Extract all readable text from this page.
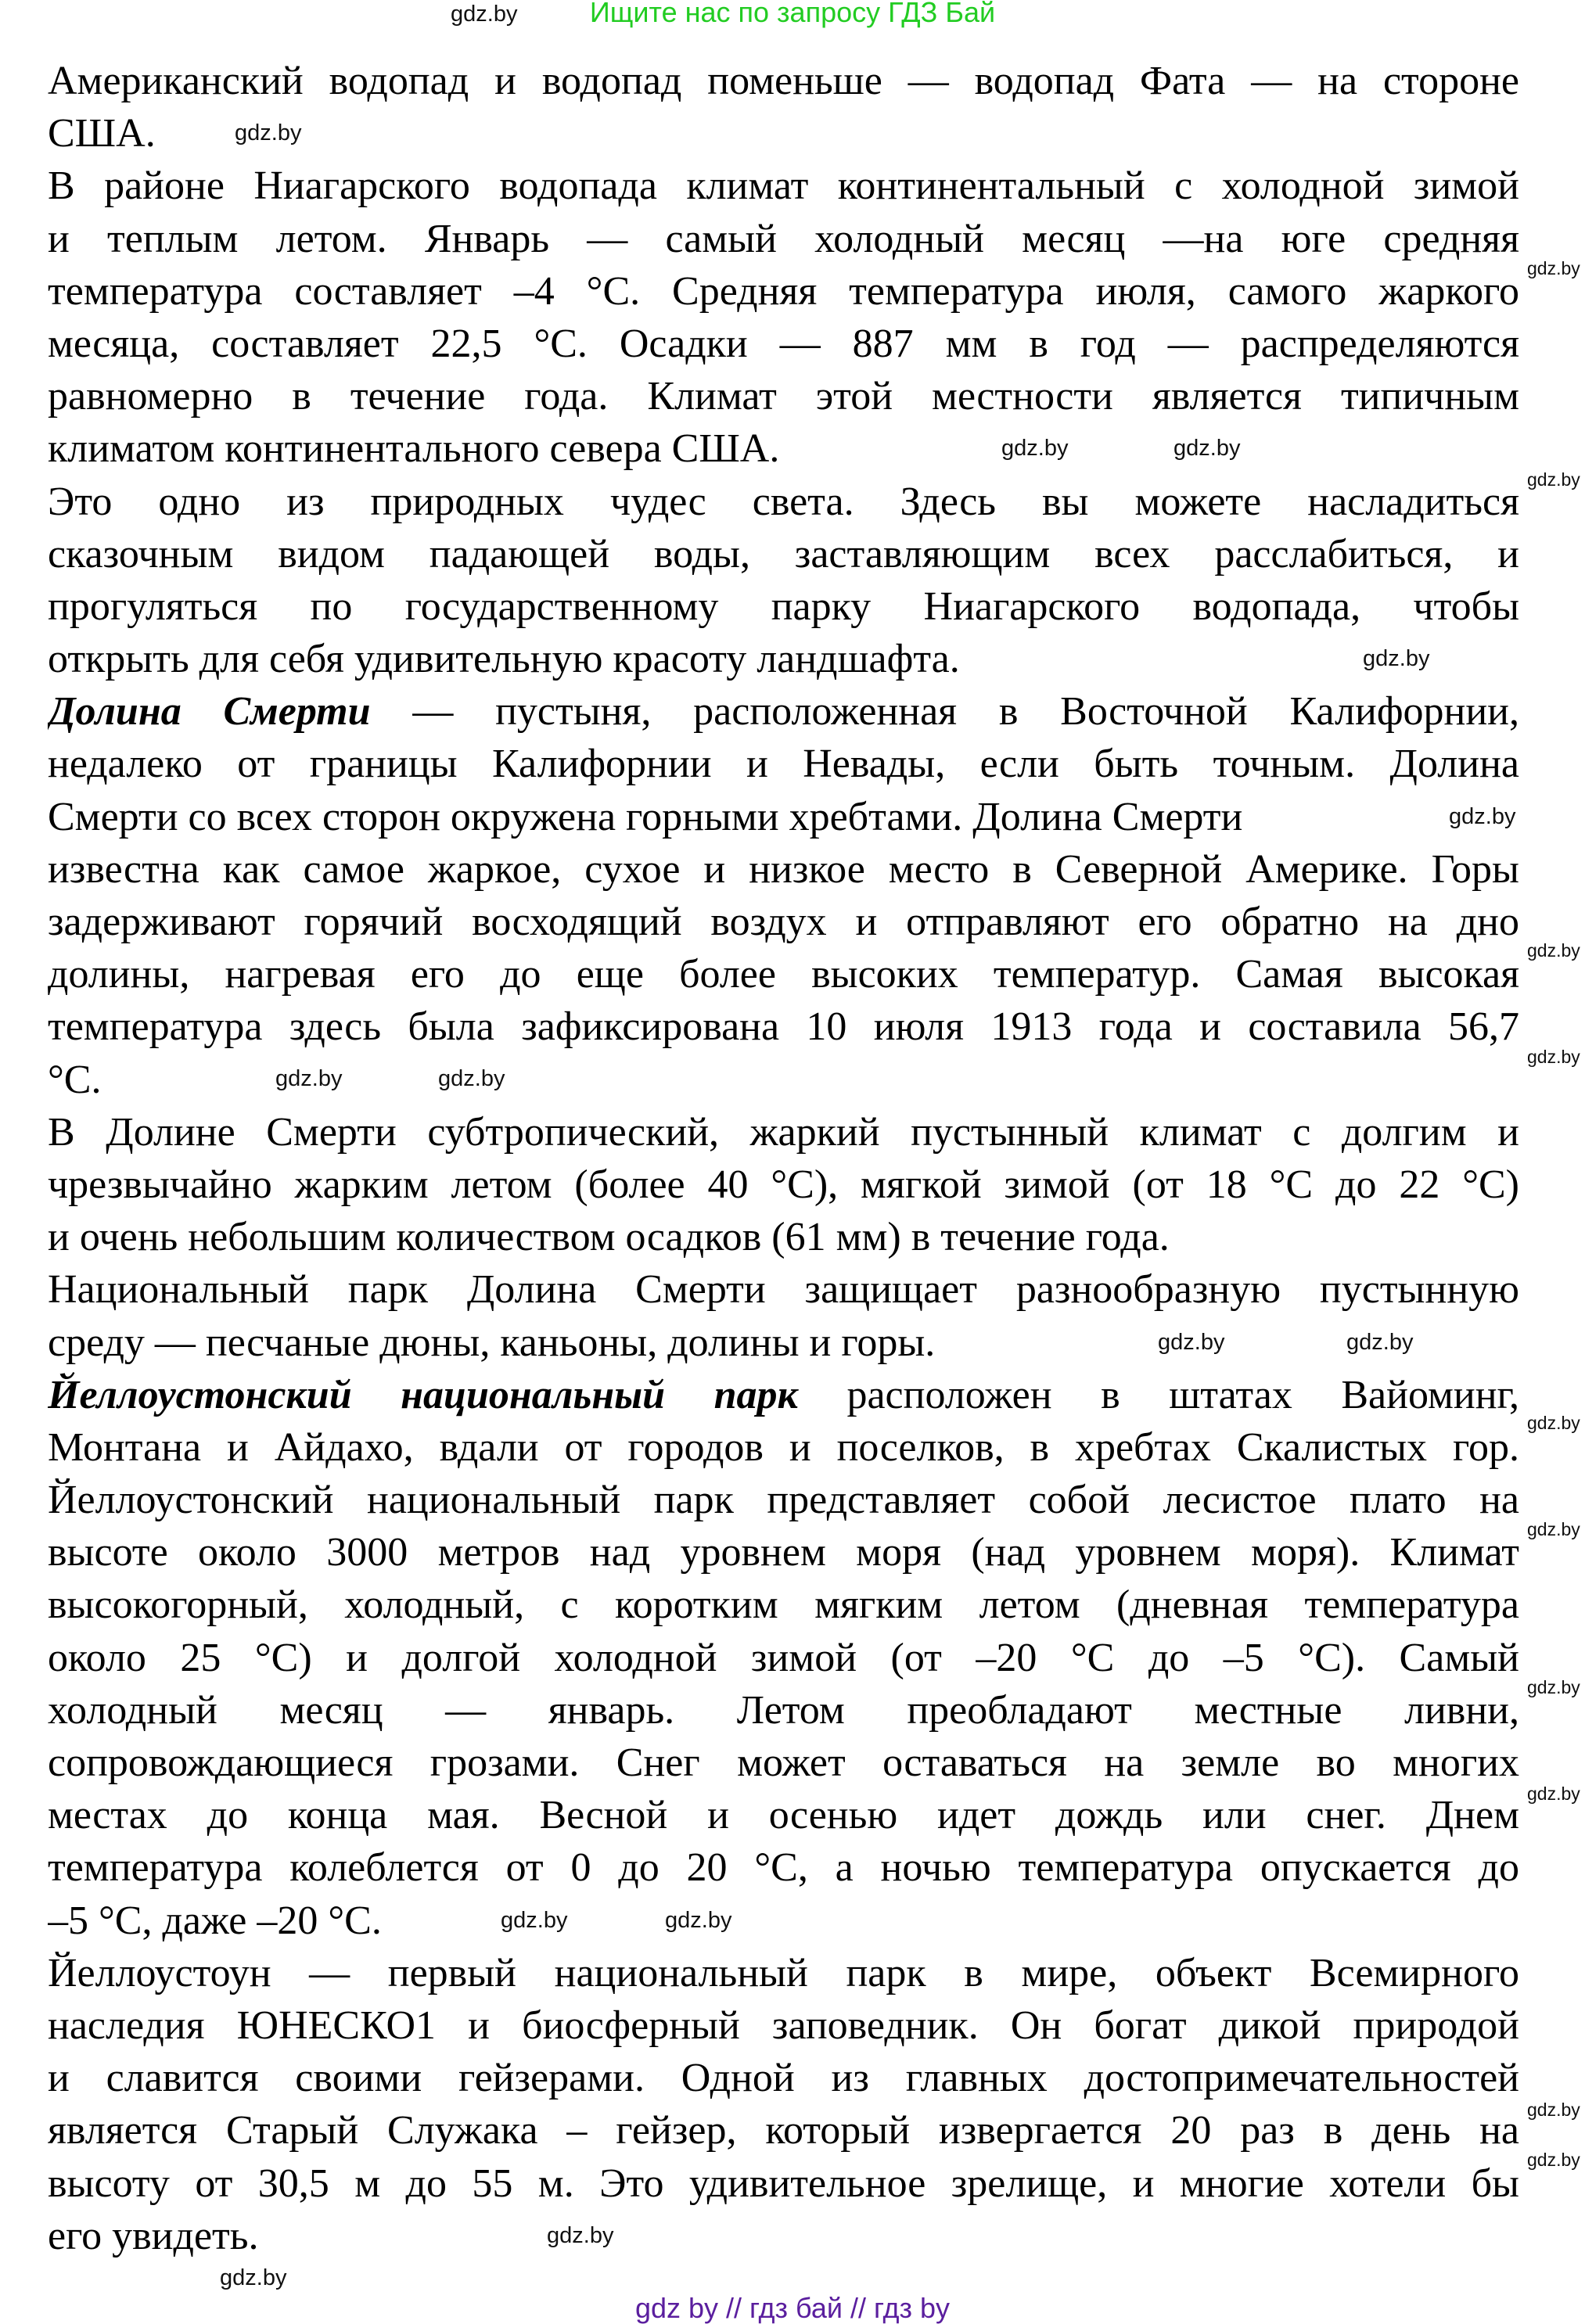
Ищите нас по запросу ГДЗ Бай
Американский водопад и водопад поменьше — водопад Фата — на стороне
США.
В районе Ниагарского водопада климат континентальный с холодной зимой
и теплым летом. Январь — самый холодный месяц —на юге средняя
температура составляет –4 °С. Средняя температура июля, самого жаркого
месяца, составляет 22,5 °С. Осадки — 887 мм в год — распределяются
равномерно в течение года. Климат этой местности является типичным
климатом континентального севера США.
Это одно из природных чудес света. Здесь вы можете насладиться
сказочным видом падающей воды, заставляющим всех расслабиться, и
прогуляться по государственному парку Ниагарского водопада, чтобы
открыть для себя удивительную красоту ландшафта.
Долина Смерти — пустыня, расположенная в Восточной Калифорнии,
недалеко от границы Калифорнии и Невады, если быть точным. Долина
Смерти со всех сторон окружена горными хребтами. Долина Смерти
известна как самое жаркое, сухое и низкое место в Северной Америке. Горы
задерживают горячий восходящий воздух и отправляют его обратно на дно
долины, нагревая его до еще более высоких температур. Самая высокая
температура здесь была зафиксирована 10 июля 1913 года и составила 56,7
°С.
В Долине Смерти субтропический, жаркий пустынный климат с долгим и
чрезвычайно жарким летом (более 40 °С), мягкой зимой (от 18 °С до 22 °С)
и очень небольшим количеством осадков (61 мм) в течение года.
Национальный парк Долина Смерти защищает разнообразную пустынную
среду — песчаные дюны, каньоны, долины и горы.
Йеллоустонский национальный парк расположен в штатах Вайоминг,
Монтана и Айдахо, вдали от городов и поселков, в хребтах Скалистых гор.
Йеллоустонский национальный парк представляет собой лесистое плато на
высоте около 3000 метров над уровнем моря (над уровнем моря). Климат
высокогорный, холодный, с коротким мягким летом (дневная температура
около 25 °С) и долгой холодной зимой (от –20 °С до –5 °С). Самый
холодный месяц — январь. Летом преобладают местные ливни,
сопровождающиеся грозами. Снег может оставаться на земле во многих
местах до конца мая. Весной и осенью идет дождь или снег. Днем
температура колеблется от 0 до 20 °С, а ночью температура опускается до
–5 °С, даже –20 °С.
Йеллоустоун — первый национальный парк в мире, объект Всемирного
наследия ЮНЕСКО1 и биосферный заповедник. Он богат дикой природой
и славится своими гейзерами. Одной из главных достопримечательностей
является Старый Служака – гейзер, который извергается 20 раз в день на
высоту от 30,5 м до 55 м. Это удивительное зрелище, и многие хотели бы
его увидеть.
gdz.by
gdz.by
gdz.by
gdz.by
gdz.by
gdz.by
gdz.by
gdz.by
gdz.by
gdz.by
gdz.by
gdz.by
gdz.by
gdz.by
gdz.by
gdz.by
gdz.by
gdz.by
gdz.by
gdz.by
gdz.by
gdz.by
gdz.by
gdz.by
gdz by // гдз бай // гдз by
